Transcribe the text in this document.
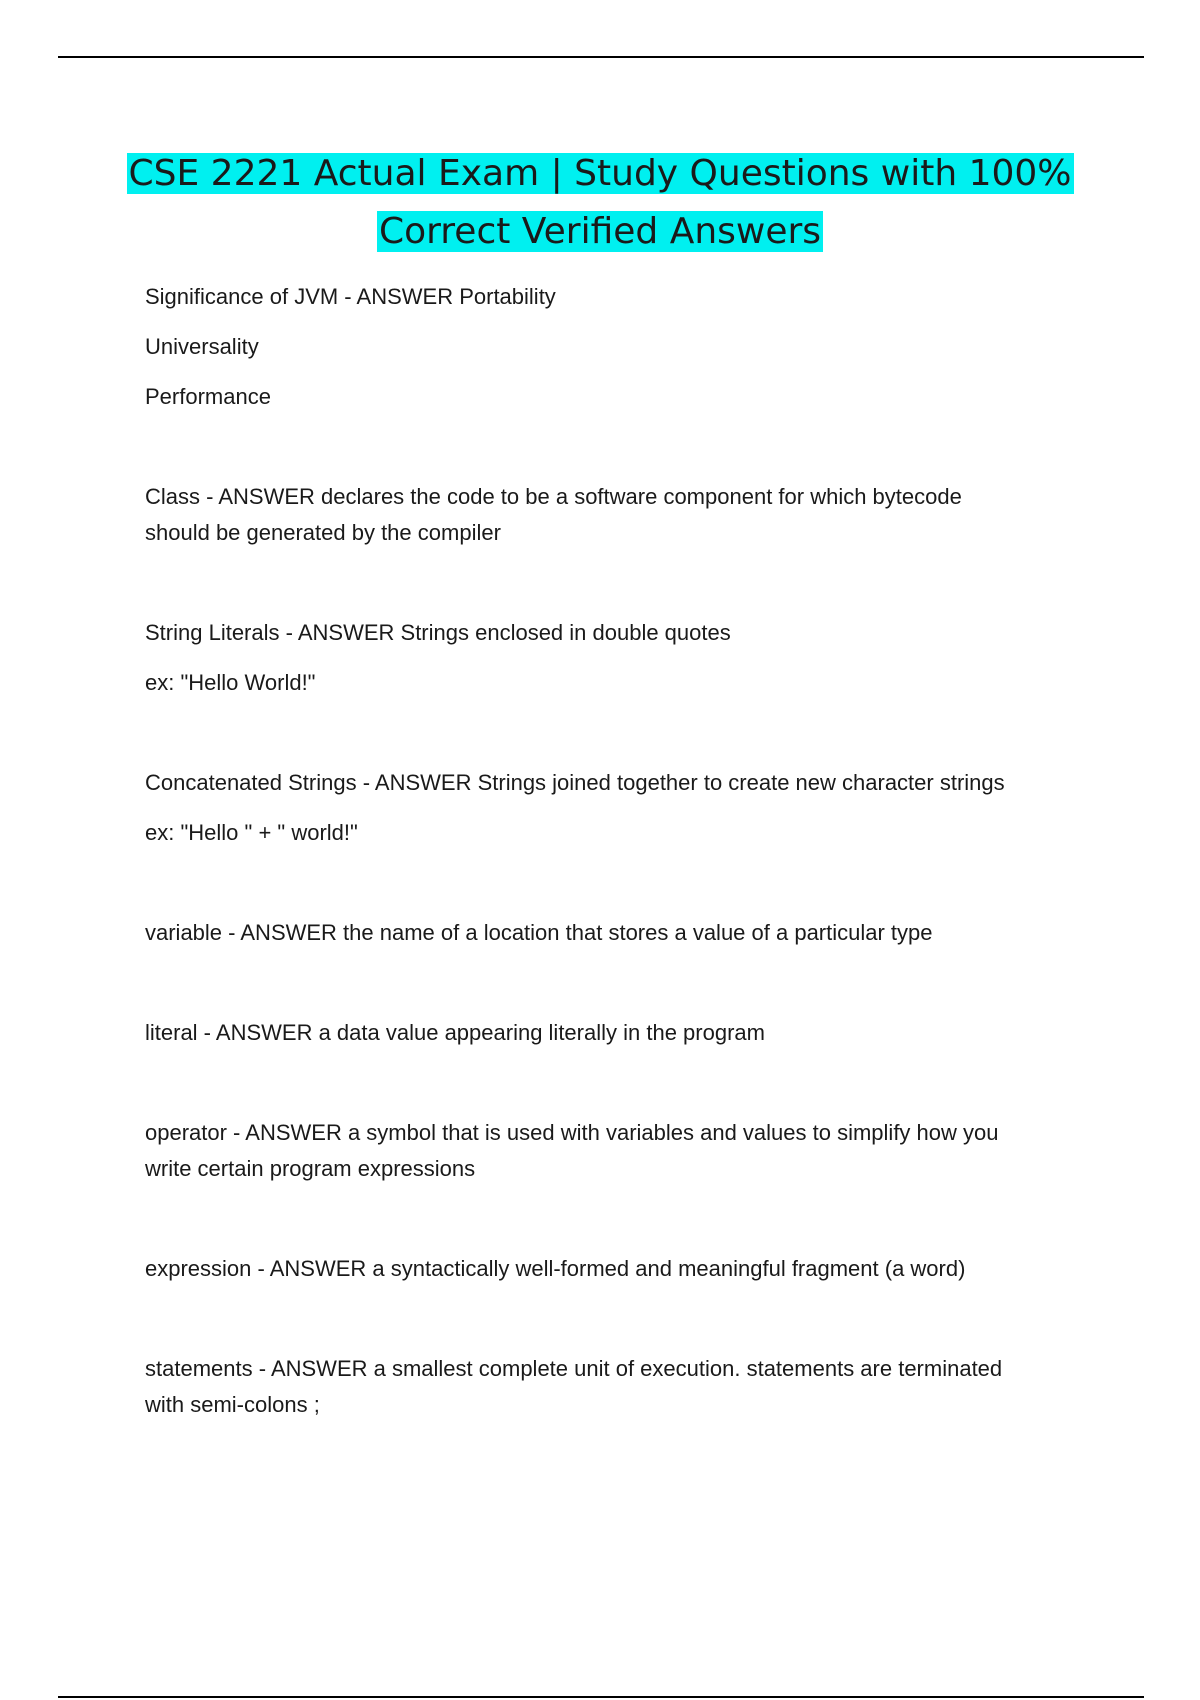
CSE 2221 Actual Exam | Study Questions with 100%
Correct Verified Answers

Significance of JVM - ANSWER Portability

Universality

Performance

Class - ANSWER declares the code to be a software component for which bytecode

should be generated by the compiler

String Literals - ANSWER Strings enclosed in double quotes

ex: "Hello World!"

Concatenated Strings - ANSWER Strings joined together to create new character strings

ex: "Hello " + " world!"

variable - ANSWER the name of a location that stores a value of a particular type

literal - ANSWER a data value appearing literally in the program

operator - ANSWER a symbol that is used with variables and values to simplify how you

write certain program expressions

expression - ANSWER a syntactically well-formed and meaningful fragment (a word)

statements - ANSWER a smallest complete unit of execution. statements are terminated

with semi-colons ;
